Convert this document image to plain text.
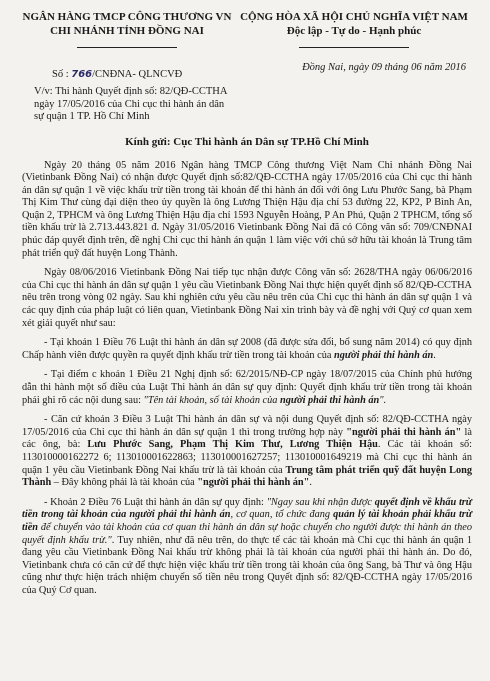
NGÂN HÀNG TMCP CÔNG THƯƠNG VN
CHI NHÁNH TỈNH ĐỒNG NAI
CỘNG HÒA XÃ HỘI CHỦ NGHĨA VIỆT NAM
Độc lập - Tự do - Hạnh phúc
Đồng Nai, ngày 09 tháng 06 năm 2016
Số : 766/CNĐNA- QLNCVĐ
V/v: Thi hành Quyết định số: 82/QĐ-CCTHA ngày 17/05/2016 của Chi cục thi hành án dân sự quận 1 TP. Hồ Chí Minh
Kính gửi: Cục Thi hành án Dân sự TP.Hồ Chí Minh

Ngày 20 tháng 05 năm 2016 Ngân hàng TMCP Công thương Việt Nam Chi nhánh Đồng Nai (Vietinbank Đồng Nai) có nhận được Quyết định số:82/QĐ-CCTHA ngày 17/05/2016 của Chi cục thi hành án dân sự quận 1 về việc khấu trừ tiền trong tài khoản để thi hành án đối với ông Lưu Phước Sang, bà Phạm Thị Kim Thư cùng đại diện theo ủy quyền là ông Lương Thiện Hậu địa chỉ 53 đường 22, KP2, P Bình An, Quận 2, TPHCM và ông Lương Thiện Hậu địa chỉ 1593 Nguyễn Hoàng, P An Phú, Quận 2 TPHCM, tổng số tiền khấu trừ là 2.713.443.821 đ. Ngày 31/05/2016 Vietinbank Đồng Nai đã có Công văn số: 709/CNĐNAI phúc đáp quyết định trên, đề nghị Chi cục thi hành án quận 1 làm việc với chủ sở hữu tài khoản là Trung tâm phát triển quỹ đất huyện Long Thành.

Ngày 08/06/2016 Vietinbank Đồng Nai tiếp tục nhận được Công văn số: 2628/THA ngày 06/06/2016 của Chi cục thi hành án dân sự quận 1 yêu cầu Vietinbank Đồng Nai thực hiện quyết định số 82/QĐ-CCTHA nêu trên trong vòng 02 ngày. Sau khi nghiên cứu yêu cầu nêu trên của Chi cục thi hành án dân sự quận 1 và các quy định của pháp luật có liên quan, Vietinbank Đồng Nai xin trình bày và đề nghị với Quý cơ quan xem xét giải quyết như sau:

- Tại khoản 1 Điều 76 Luật thi hành án dân sự 2008 (đã được sửa đổi, bổ sung năm 2014) có quy định Chấp hành viên được quyền ra quyết định khấu trừ tiền trong tài khoản của người phải thi hành án.

- Tại điểm c khoản 1 Điều 21 Nghị định số: 62/2015/NĐ-CP ngày 18/07/2015 của Chính phủ hướng dẫn thi hành một số điều của Luật Thi hành án dân sự quy định: Quyết định khấu trừ tiền trong tài khoản phải ghi rõ các nội dung sau: "Tên tài khoản, số tài khoản của người phải thi hành án".

- Căn cứ khoản 3 Điều 3 Luật Thi hành án dân sự và nội dung Quyết định số: 82/QĐ-CCTHA ngày 17/05/2016 của Chi cục thi hành án dân sự quận 1 thì trong trường hợp này "người phải thi hành án" là các ông, bà: Lưu Phước Sang, Phạm Thị Kim Thư, Lương Thiện Hậu. Các tài khoản số: 113010000162272 6; 113010001622863; 113010001627257; 113010001649219 mà Chi cục thi hành án quận 1 yêu cầu Vietinbank Đồng Nai khấu trừ là tài khoản của Trung tâm phát triển quỹ đất huyện Long Thành – Đây không phải là tài khoản của "người phải thi hành án".

- Khoản 2 Điều 76 Luật thi hành án dân sự quy định: "Ngay sau khi nhận được quyết định về khấu trừ tiền trong tài khoản của người phải thi hành án, cơ quan, tổ chức đang quản lý tài khoản phải khấu trừ tiền để chuyển vào tài khoản của cơ quan thi hành án dân sự hoặc chuyển cho người được thi hành án theo quyết định khấu trừ.". Tuy nhiên, như đã nêu trên, do thực tế các tài khoản mà Chi cục thi hành án quận 1 đang yêu cầu Vietinbank Đồng Nai khấu trừ không phải là tài khoản của người phải thi hành án. Do đó, Vietinbank chưa có căn cứ để thực hiện việc khấu trừ tiền trong tài khoản của ông Sang, bà Thư và ông Hậu cũng như thực hiện trách nhiệm chuyển số tiền nêu trong Quyết định số: 82/QĐ-CCTHA ngày 17/05/2016 của Quý Cơ quan.
